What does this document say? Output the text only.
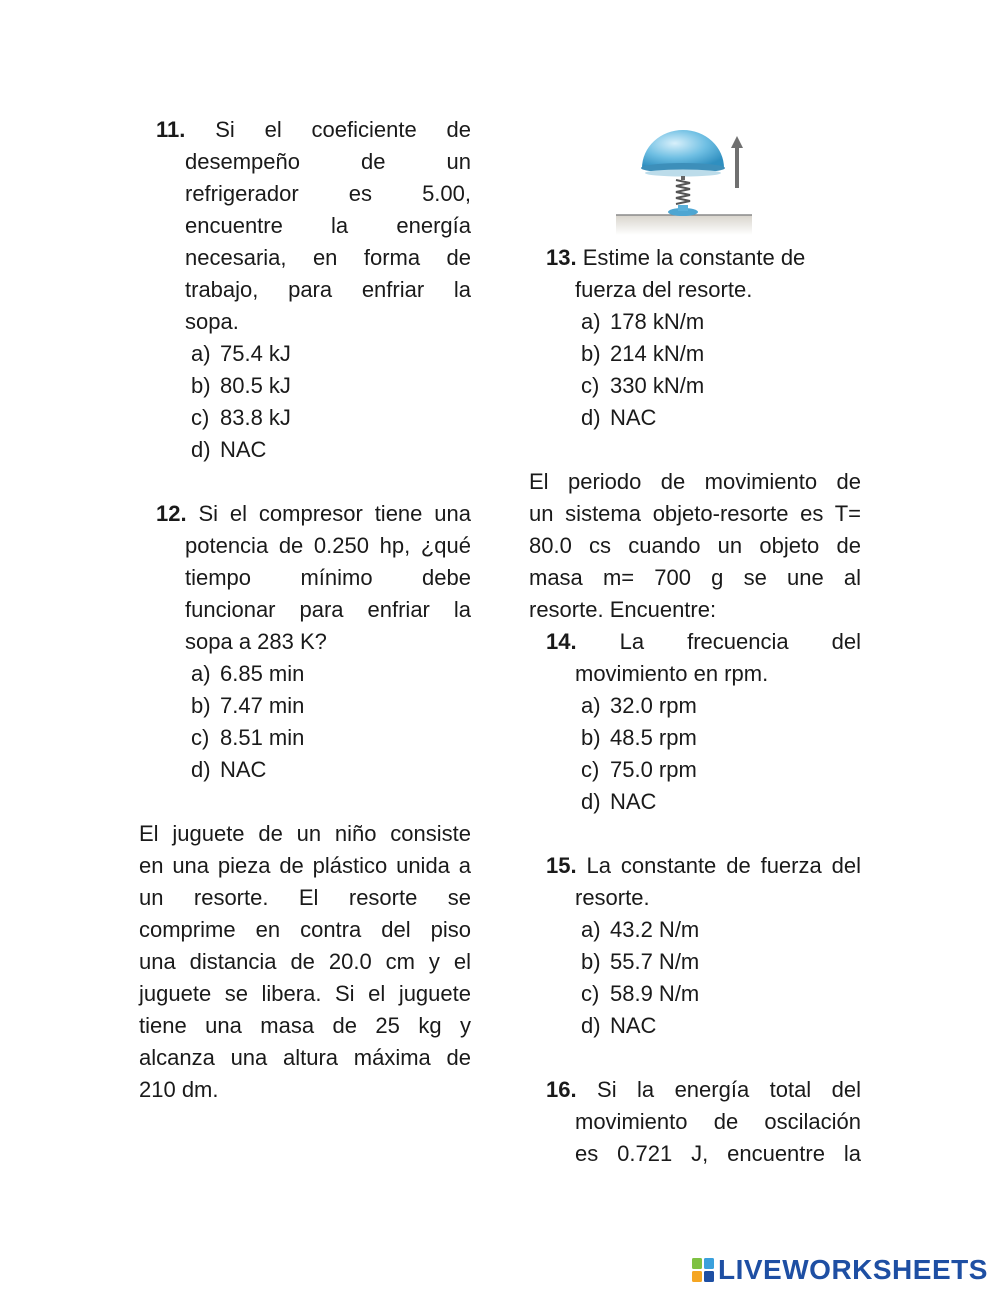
11. Si el coeficiente de
desempeño de un
refrigerador es 5.00,
encuentre la energía
necesaria, en forma de
trabajo, para enfriar la
sopa.
a) 75.4 kJ
b) 80.5 kJ
c) 83.8 kJ
d) NAC
12. Si el compresor tiene una
potencia de 0.250 hp, ¿qué
tiempo mínimo debe
funcionar para enfriar la
sopa a 283 K?
a) 6.85 min
b) 7.47 min
c) 8.51 min
d) NAC
El juguete de un niño consiste
en una pieza de plástico unida a
un resorte. El resorte se
comprime en contra del piso
una distancia de 20.0 cm y el
juguete se libera. Si el juguete
tiene una masa de 25 kg y
alcanza una altura máxima de
210 dm.
13. Estime la constante de
fuerza del resorte.
a) 178 kN/m
b) 214 kN/m
c) 330 kN/m
d) NAC
El periodo de movimiento de
un sistema objeto-resorte es T=
80.0 cs cuando un objeto de
masa m= 700 g se une al
resorte. Encuentre:
14. La frecuencia del
movimiento en rpm.
a) 32.0 rpm
b) 48.5 rpm
c) 75.0 rpm
d) NAC
15. La constante de fuerza del
resorte.
a) 43.2 N/m
b) 55.7 N/m
c) 58.9 N/m
d) NAC
16. Si la energía total del
movimiento de oscilación
es 0.721 J, encuentre la
LIVEWORKSHEETS
